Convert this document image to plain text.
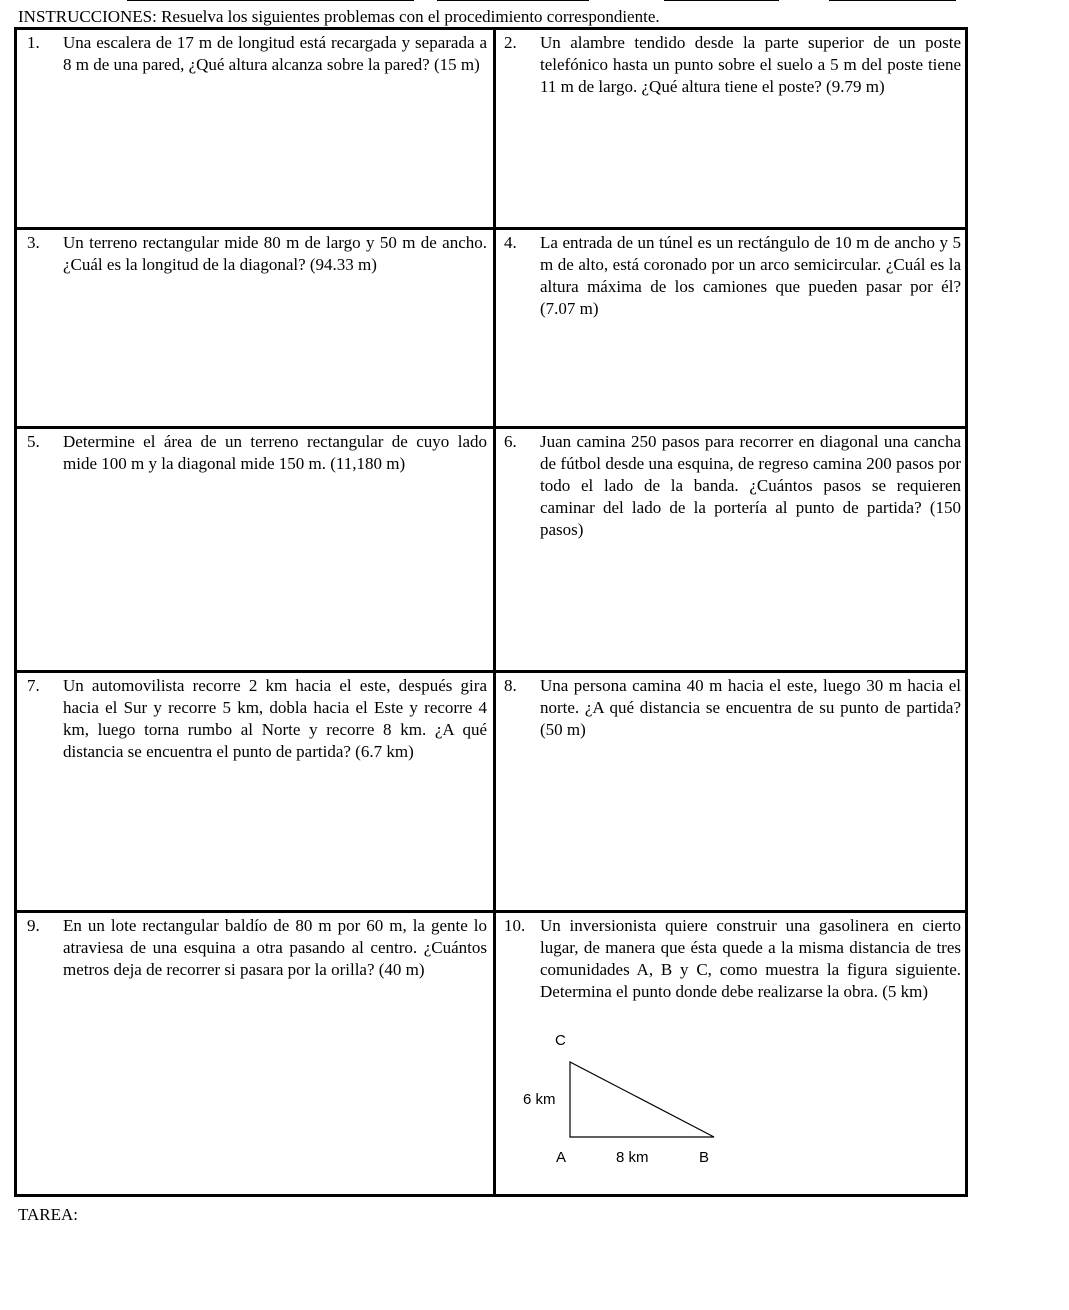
INSTRUCCIONES: Resuelva los siguientes problemas con el procedimiento correspondiente.
1.	Una escalera de 17 m de longitud está recargada y separada a 8 m de una pared, ¿Qué altura alcanza sobre la pared? (15 m)
2.	Un alambre tendido desde la parte superior de un poste telefónico hasta un punto sobre el suelo a 5 m del poste tiene 11 m de largo. ¿Qué altura tiene el poste? (9.79 m)
3.	Un terreno rectangular mide 80 m de largo y 50 m de ancho. ¿Cuál es la longitud de la diagonal? (94.33 m)
4.	La entrada de un túnel es un rectángulo de 10 m de ancho y 5 m de alto, está coronado por un arco semicircular. ¿Cuál es la altura máxima de los camiones que pueden pasar por él? (7.07 m)
5.	Determine el área de un terreno rectangular de cuyo lado mide 100 m y la diagonal mide 150 m. (11,180 m)
6.	Juan camina 250 pasos para recorrer en diagonal una cancha de fútbol desde una esquina, de regreso camina 200 pasos por todo el lado de la banda. ¿Cuántos pasos se requieren caminar del lado de la portería al punto de partida? (150 pasos)
7.	Un automovilista recorre 2 km hacia el este, después gira hacia el Sur y recorre 5 km, dobla hacia el Este y recorre 4 km, luego torna rumbo al Norte y recorre 8 km. ¿A qué distancia se encuentra el punto de partida? (6.7 km)
8.	Una persona camina 40 m hacia el este, luego 30 m hacia el norte. ¿A qué distancia se encuentra de su punto de partida? (50 m)
9.	En un lote rectangular baldío de 80 m por 60 m, la gente lo atraviesa de una esquina a otra pasando al centro. ¿Cuántos metros deja de recorrer si pasara por la orilla? (40 m)
10. Un inversionista quiere construir una gasolinera en cierto lugar, de manera que ésta quede a la misma distancia de tres comunidades A, B y C, como muestra la figura siguiente. Determina el punto donde debe realizarse la obra. (5 km)
C
6 km
A	8 km	B
TAREA:
